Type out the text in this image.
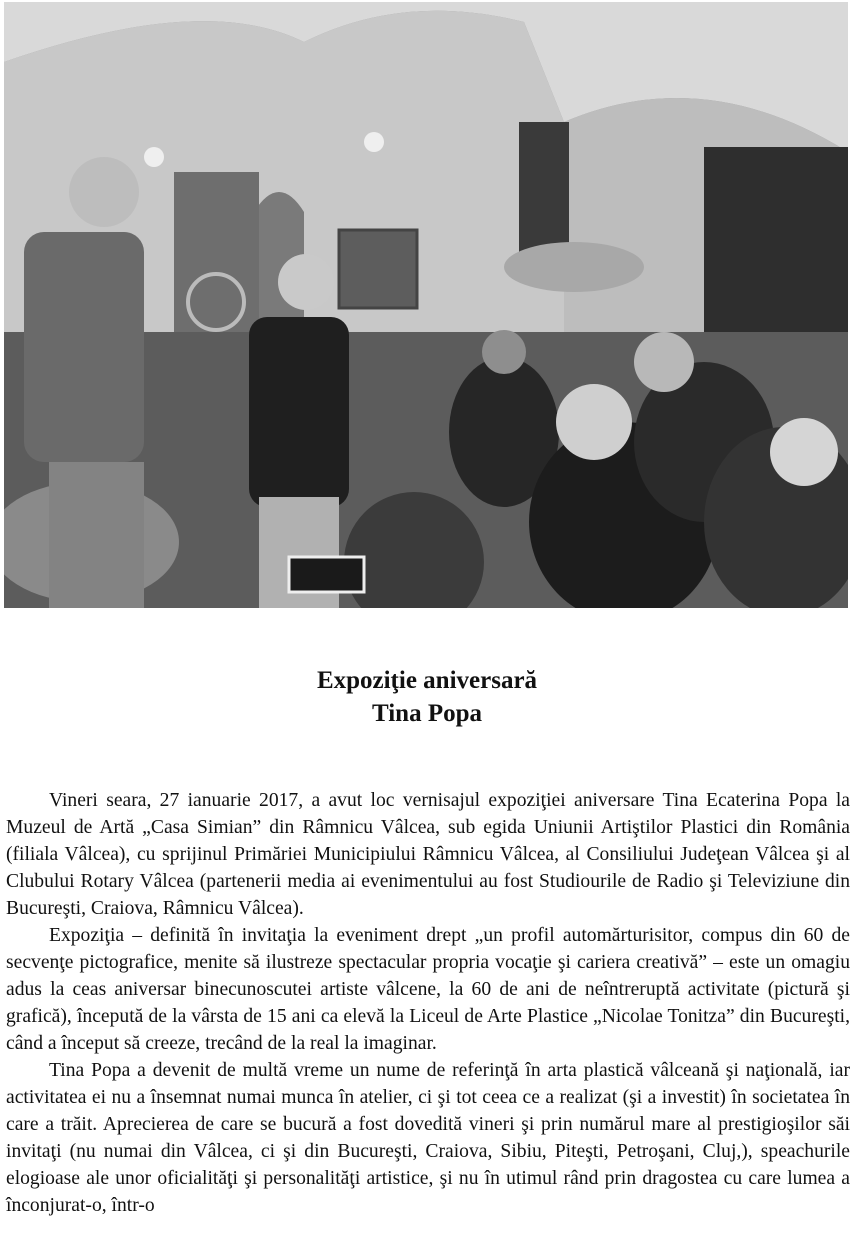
Expoziţie aniversară
Tina Popa

Vineri seara, 27 ianuarie 2017, a avut loc vernisajul expoziţiei aniversare Tina Ecaterina Popa la Muzeul de Artă „Casa Simian” din Râmnicu Vâlcea, sub egida Uniunii Artiştilor Plastici din România (filiala Vâlcea), cu sprijinul Primăriei Municipiului Râmnicu Vâlcea, al Consiliului Judeţean Vâlcea şi al Clubului Rotary Vâlcea (partenerii media ai evenimentului au fost Studiourile de Radio şi Televiziune din Bucureşti, Craiova, Râmnicu Vâlcea).

Expoziţia – definită în invitaţia la eveniment drept „un profil automărturisitor, compus din 60 de secvenţe pictografice, menite să ilustreze spectacular propria vocaţie şi cariera creativă” – este un omagiu adus la ceas aniversar binecunoscutei artiste vâlcene, la 60 de ani de neîntreruptă activitate (pictură şi grafică), începută de la vârsta de 15 ani ca elevă la Liceul de Arte Plastice „Nicolae Tonitza” din Bucureşti, când a început să creeze, trecând de la real la imaginar.

Tina Popa a devenit de multă vreme un nume de referinţă în arta plastică vâlceană şi naţională, iar activitatea ei nu a însemnat numai munca în atelier, ci şi tot ceea ce a realizat (şi a investit) în societatea în care a trăit. Aprecierea de care se bucură a fost dovedită vineri şi prin numărul mare al prestigioşilor săi invitaţi (nu numai din Vâlcea, ci şi din Bucureşti, Craiova, Sibiu, Piteşti, Petroşani, Cluj,), speachurile elogioase ale unor oficialităţi şi personalităţi artistice, şi nu în utimul rând prin dragostea cu care lumea a înconjurat-o, într-o
